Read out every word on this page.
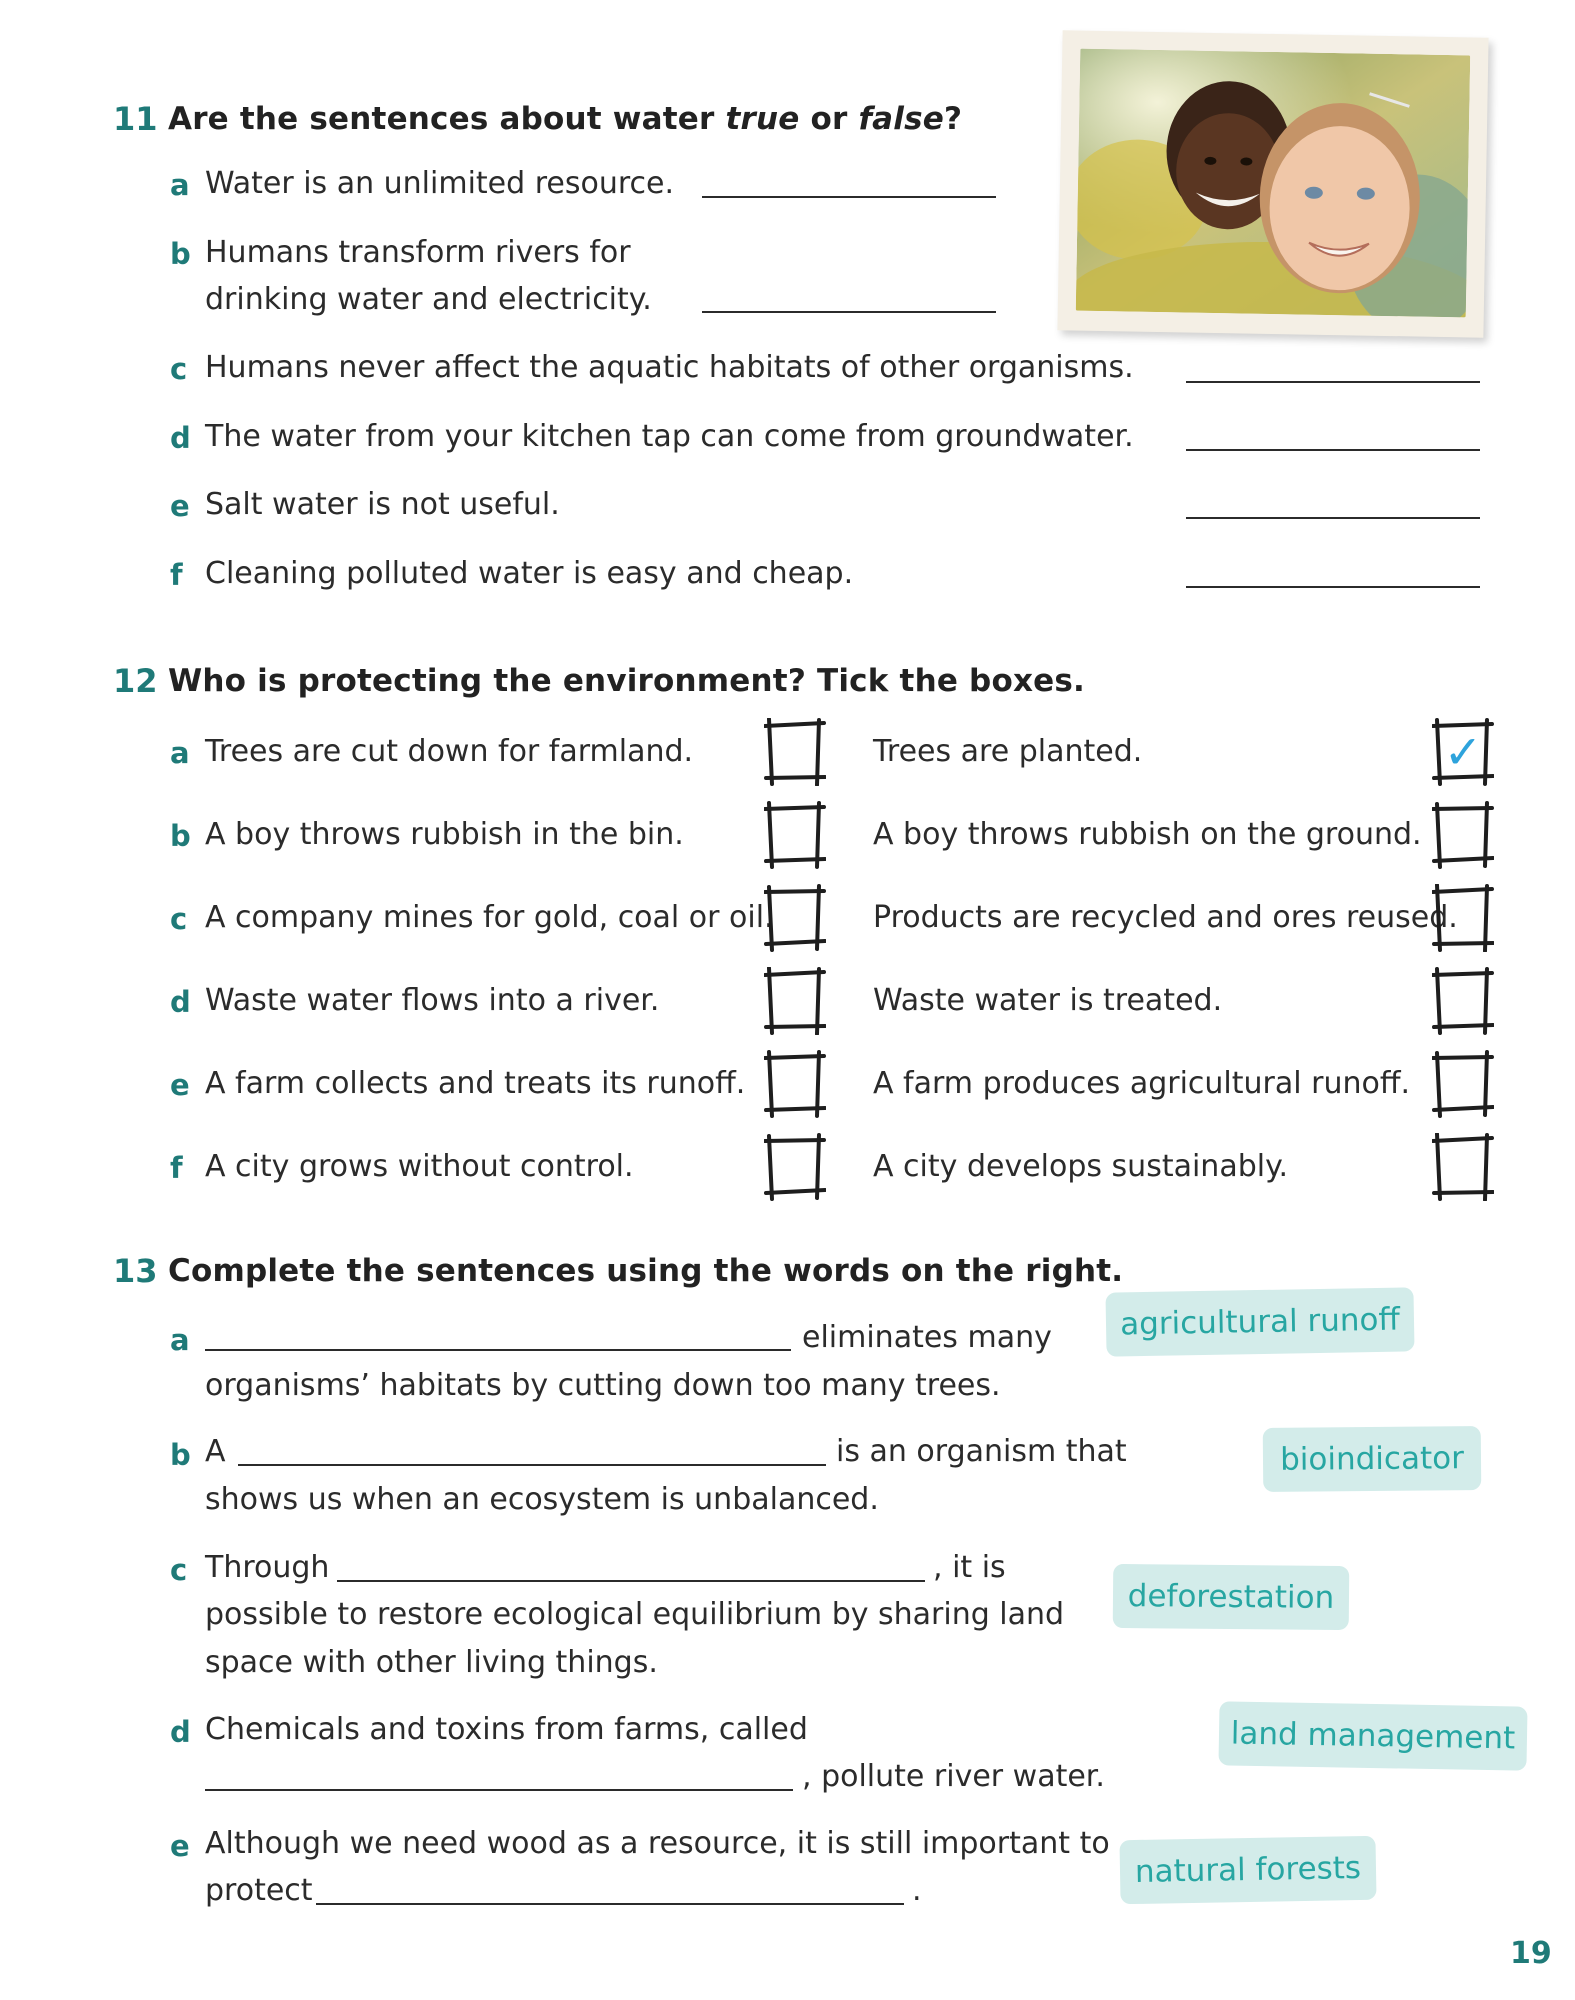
11 Are the sentences about water true or false?
a Water is an unlimited resource.
b Humans transform rivers for
drinking water and electricity.
c Humans never affect the aquatic habitats of other organisms.
d The water from your kitchen tap can come from groundwater.
e Salt water is not useful.
f Cleaning polluted water is easy and cheap.
12 Who is protecting the environment? Tick the boxes.
a Trees are cut down for farmland.	Trees are planted.	✓
b A boy throws rubbish in the bin.	A boy throws rubbish on the ground.
c A company mines for gold, coal or oil.	Products are recycled and ores reused.
d Waste water flows into a river.	Waste water is treated.
e A farm collects and treats its runoff.	A farm produces agricultural runoff.
f A city grows without control.	A city develops sustainably.
13 Complete the sentences using the words on the right.
a	eliminates many
organisms’ habitats by cutting down too many trees.
b A	is an organism that
shows us when an ecosystem is unbalanced.
c Through	, it is
possible to restore ecological equilibrium by sharing land
space with other living things.
d Chemicals and toxins from farms, called
, pollute river water.
e Although we need wood as a resource, it is still important to
protect	.
agricultural runoff
bioindicator
deforestation
land management
natural forests
19
